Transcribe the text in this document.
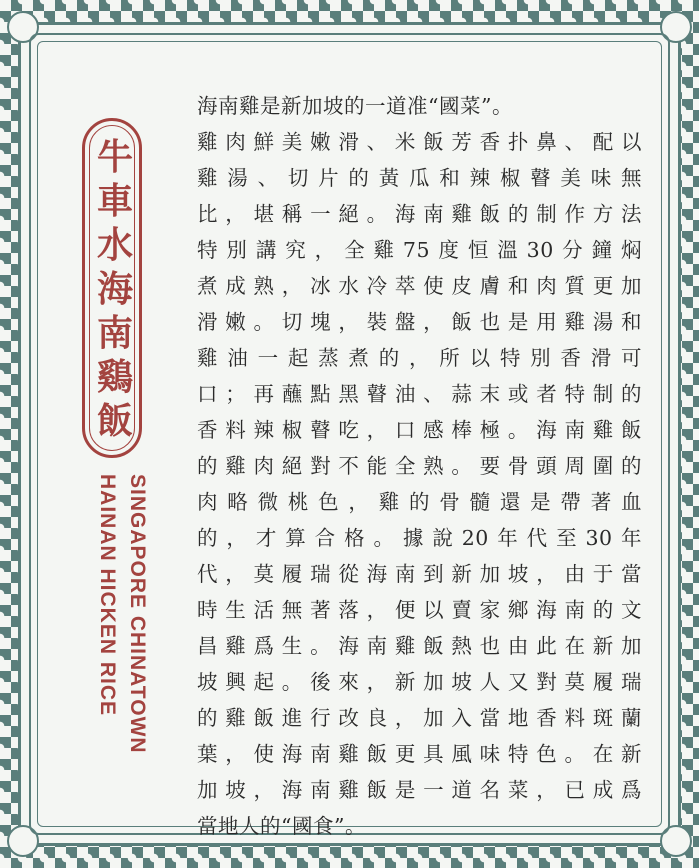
牛
車
水
海
南
鷄
飯
SINGAPORE CHINATOWN
HAINAN HICKEN RICE
海南雞是新加坡的一道准“國菜”。
雞肉鮮美嫩滑、米飯芳香扑鼻、配以
雞湯、切片的黃瓜和辣椒瞽美味無
比，堪稱一絕。海南雞飯的制作方法
特別講究，全雞75度恒溫30分鐘焖
煮成熟，冰水冷萃使皮膚和肉質更加
滑嫩。切塊，裝盤，飯也是用雞湯和
雞油一起蒸煮的，所以特別香滑可
口；再蘸點黑瞽油、蒜末或者特制的
香料辣椒瞽吃，口感棒極。海南雞飯
的雞肉絕對不能全熟。要骨頭周圍的
肉略微桃色，雞的骨髓還是帶著血
的，才算合格。據說20年代至30年
代，莫履瑞從海南到新加坡，由于當
時生活無著落，便以賣家鄉海南的文
昌雞爲生。海南雞飯熱也由此在新加
坡興起。後來，新加坡人又對莫履瑞
的雞飯進行改良，加入當地香料斑蘭
葉，使海南雞飯更具風味特色。在新
加坡，海南雞飯是一道名菜，已成爲
當地人的“國食”。
